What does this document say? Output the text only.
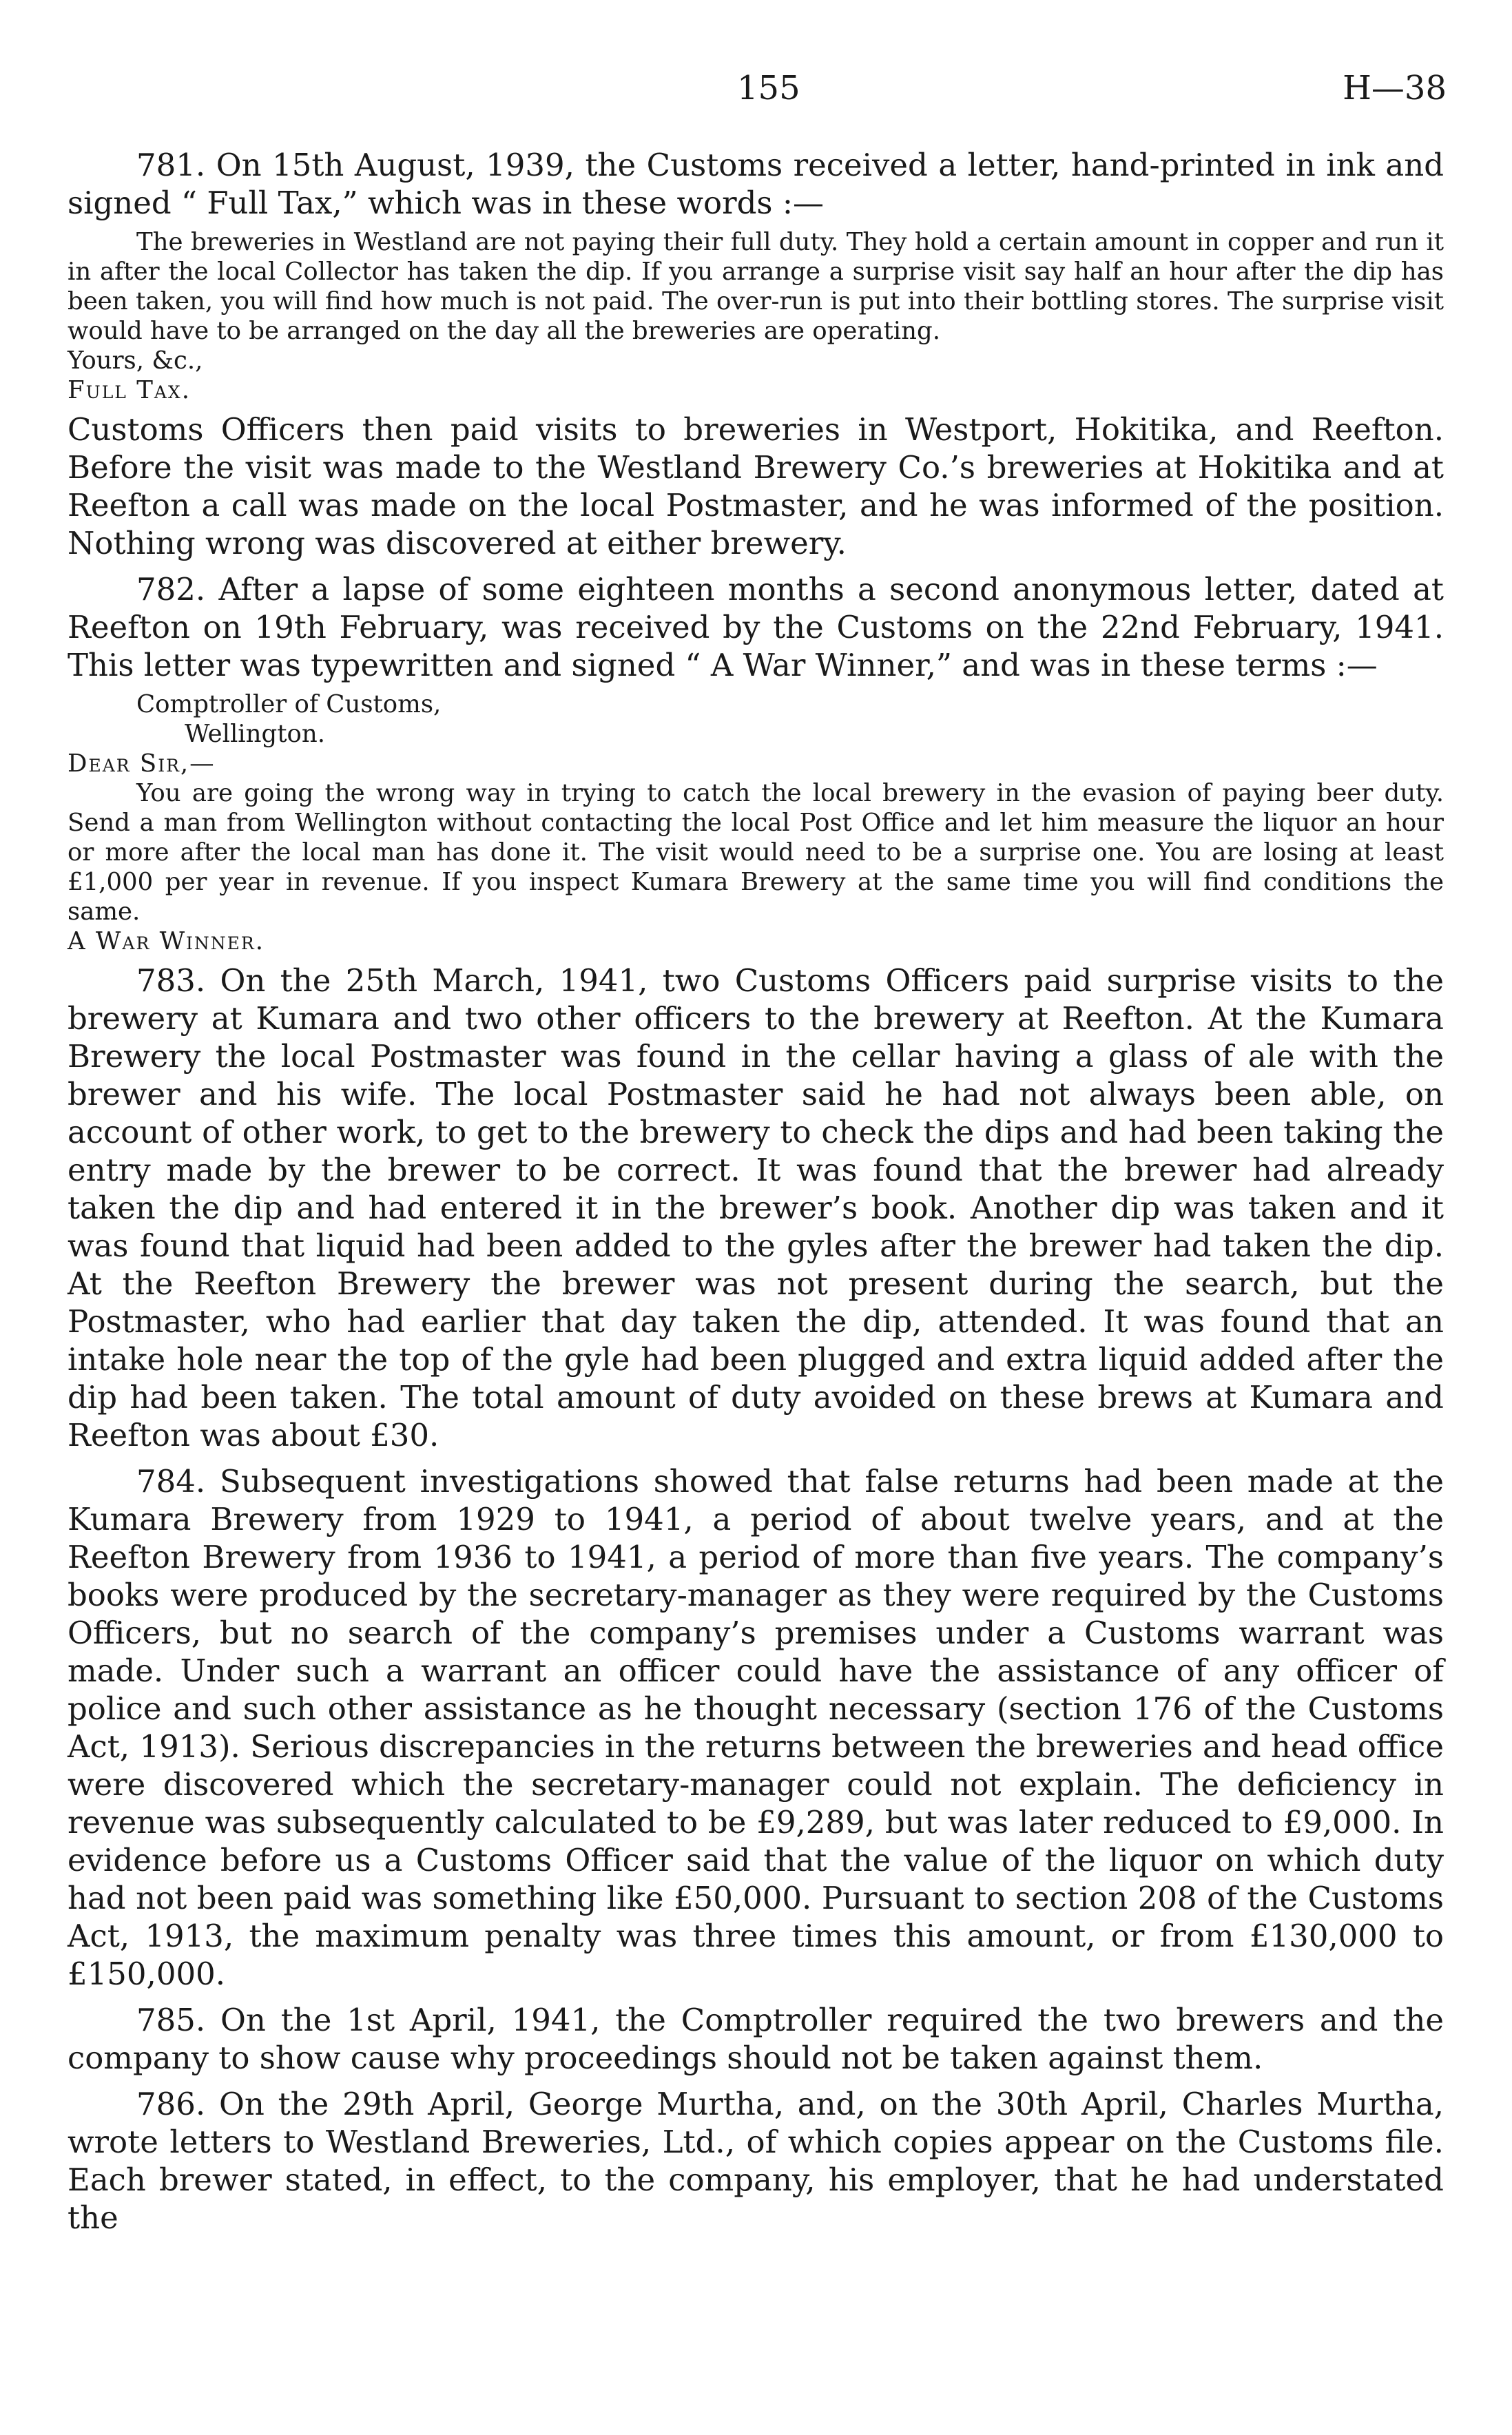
155	H—38

781. On 15th August, 1939, the Customs received a letter, hand-printed in ink and signed “ Full Tax,” which was in these words :—

The breweries in Westland are not paying their full duty. They hold a certain amount in copper and run it in after the local Collector has taken the dip. If you arrange a surprise visit say half an hour after the dip has been taken, you will find how much is not paid. The over-run is put into their bottling stores. The surprise visit would have to be arranged on the day all the breweries are operating.

Yours, &c.,

Full Tax.

Customs Officers then paid visits to breweries in Westport, Hokitika, and Reefton. Before the visit was made to the Westland Brewery Co.’s breweries at Hokitika and at Reefton a call was made on the local Postmaster, and he was informed of the position. Nothing wrong was discovered at either brewery.

782. After a lapse of some eighteen months a second anonymous letter, dated at Reefton on 19th February, was received by the Customs on the 22nd February, 1941. This letter was typewritten and signed “ A War Winner,” and was in these terms :—

Comptroller of Customs,

Wellington.

Dear Sir,—

You are going the wrong way in trying to catch the local brewery in the evasion of paying beer duty. Send a man from Wellington without contacting the local Post Office and let him measure the liquor an hour or more after the local man has done it. The visit would need to be a surprise one. You are losing at least £1,000 per year in revenue. If you inspect Kumara Brewery at the same time you will find conditions the same.

A War Winner.

783. On the 25th March, 1941, two Customs Officers paid surprise visits to the brewery at Kumara and two other officers to the brewery at Reefton. At the Kumara Brewery the local Postmaster was found in the cellar having a glass of ale with the brewer and his wife. The local Postmaster said he had not always been able, on account of other work, to get to the brewery to check the dips and had been taking the entry made by the brewer to be correct. It was found that the brewer had already taken the dip and had entered it in the brewer’s book. Another dip was taken and it was found that liquid had been added to the gyles after the brewer had taken the dip. At the Reefton Brewery the brewer was not present during the search, but the Postmaster, who had earlier that day taken the dip, attended. It was found that an intake hole near the top of the gyle had been plugged and extra liquid added after the dip had been taken. The total amount of duty avoided on these brews at Kumara and Reefton was about £30.

784. Subsequent investigations showed that false returns had been made at the Kumara Brewery from 1929 to 1941, a period of about twelve years, and at the Reefton Brewery from 1936 to 1941, a period of more than five years. The company’s books were produced by the secretary-manager as they were required by the Customs Officers, but no search of the company’s premises under a Customs warrant was made. Under such a warrant an officer could have the assistance of any officer of police and such other assistance as he thought necessary (section 176 of the Customs Act, 1913). Serious discrepancies in the returns between the breweries and head office were discovered which the secretary-manager could not explain. The deficiency in revenue was subsequently calculated to be £9,289, but was later reduced to £9,000. In evidence before us a Customs Officer said that the value of the liquor on which duty had not been paid was something like £50,000. Pursuant to section 208 of the Customs Act, 1913, the maximum penalty was three times this amount, or from £130,000 to £150,000.

785. On the 1st April, 1941, the Comptroller required the two brewers and the company to show cause why proceedings should not be taken against them.

786. On the 29th April, George Murtha, and, on the 30th April, Charles Murtha, wrote letters to Westland Breweries, Ltd., of which copies appear on the Customs file. Each brewer stated, in effect, to the company, his employer, that he had understated the
